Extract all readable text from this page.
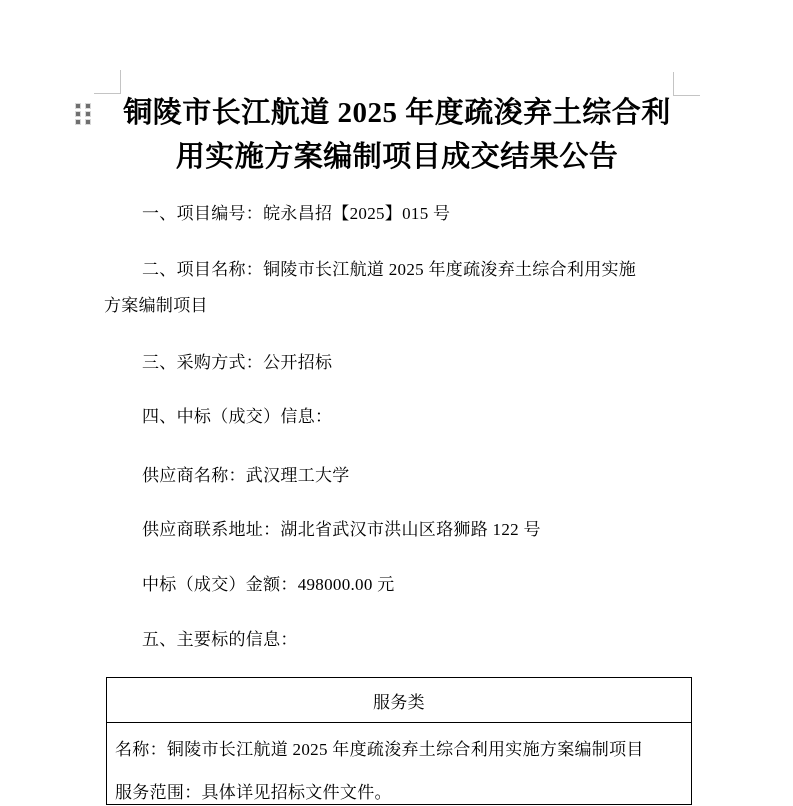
铜陵市长江航道 2025 年度疏浚弃土综合利
用实施方案编制项目成交结果公告
一、项目编号：皖永昌招【2025】015 号
二、项目名称：铜陵市长江航道 2025 年度疏浚弃土综合利用实施
方案编制项目
三、采购方式：公开招标
四、中标（成交）信息：
供应商名称：武汉理工大学
供应商联系地址：湖北省武汉市洪山区珞狮路 122 号
中标（成交）金额：498000.00 元
五、主要标的信息：
服务类
名称：铜陵市长江航道 2025 年度疏浚弃土综合利用实施方案编制项目
服务范围：具体详见招标文件文件。
